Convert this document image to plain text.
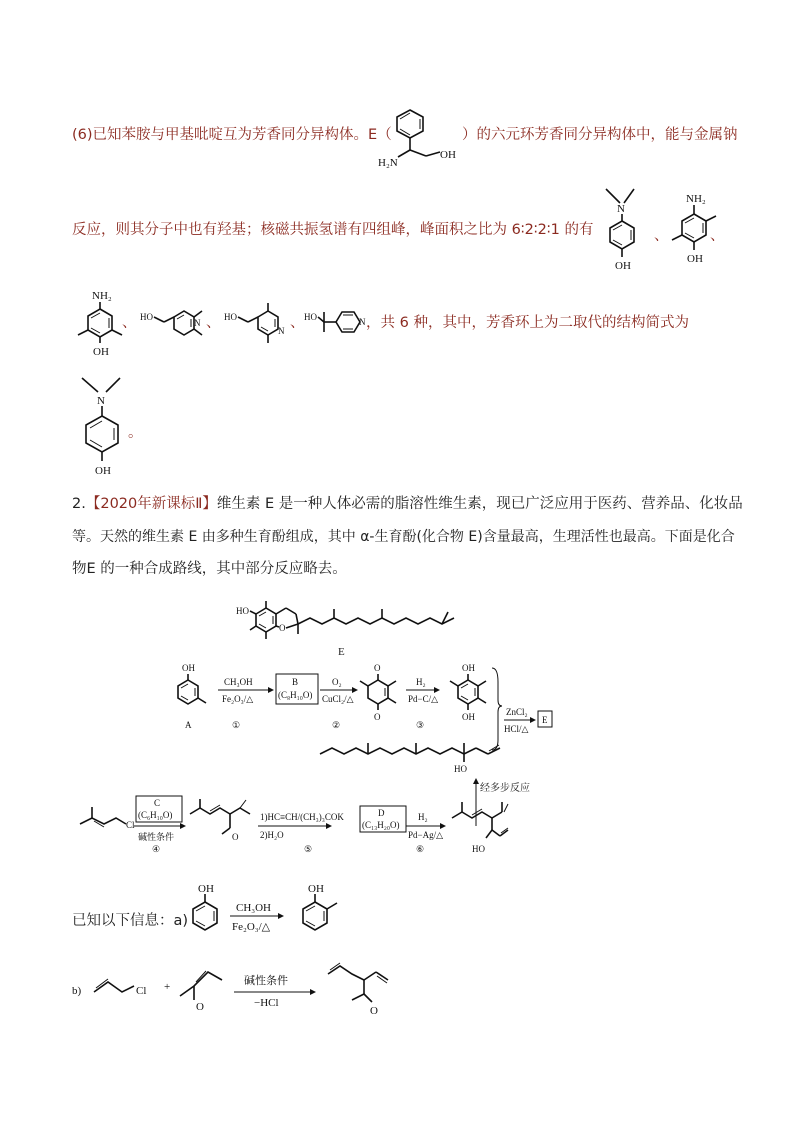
(6)已知苯胺与甲基吡啶互为芳香同分异构体。E（
H₂N
OH
）的六元环芳香同分异构体中，能与金属钠
反应，则其分子中也有羟基；核磁共振氢谱有四组峰，峰面积之比为 6∶2∶2∶1 的有
N
OH
、
NH₂
OH
、
NH₂
OH
、 HO
N 、 HO
N 、 HO	N ，共 6 种，其中，芳香环上为二取代的结构简式为
N
OH
。
2.【2020年新课标Ⅱ】维生素 E 是一种人体必需的脂溶性维生素，现已广泛应用于医药、营养品、化妆品
等。天然的维生素 E 由多种生育酚组成，其中 α-生育酚(化合物 E)含量最高，生理活性也最高。下面是化合
物E 的一种合成路线，其中部分反应略去。
HO
O
E
OH
A
CH₃OH
Fe₂O₃/△
①
B
(C₈H₁₀O)
O₂
CuCl₂/△
②
O
O
H₂
Pd−C/△
③
OH
OH	ZnCl₂
HCl/△
E
HO
经多步反应
Cl
C
(C₆H₁₀O)
碱性条件
④
O
1)HC≡CH/(CH₃)₃COK
2)H₂O
⑤
D
(C₁₃H₂₀O)
H₂
Pd−Ag/△
⑥	HO
已知以下信息：a)
OH
CH₃OH
Fe₂O₃/△
OH
b)	Cl +
O
碱性条件
−HCl
O
